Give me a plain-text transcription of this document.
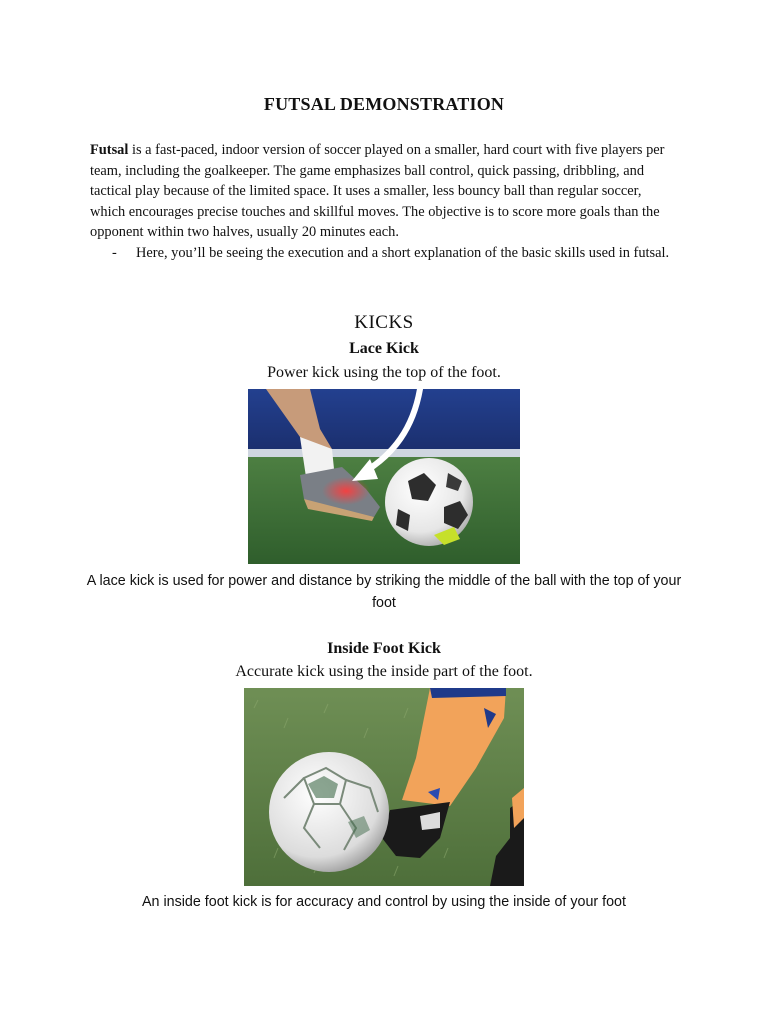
FUTSAL DEMONSTRATION
Futsal is a fast-paced, indoor version of soccer played on a smaller, hard court with five players per team, including the goalkeeper. The game emphasizes ball control, quick passing, dribbling, and tactical play because of the limited space. It uses a smaller, less bouncy ball than regular soccer, which encourages precise touches and skillful moves. The objective is to score more goals than the opponent within two halves, usually 20 minutes each.
- Here, you’ll be seeing the execution and a short explanation of the basic skills used in futsal.
KICKS
Lace Kick
Power kick using the top of the foot.
A lace kick is used for power and distance by striking the middle of the ball with the top of your foot
Inside Foot Kick
Accurate kick using the inside part of the foot.
An inside foot kick is for accuracy and control by using the inside of your foot
